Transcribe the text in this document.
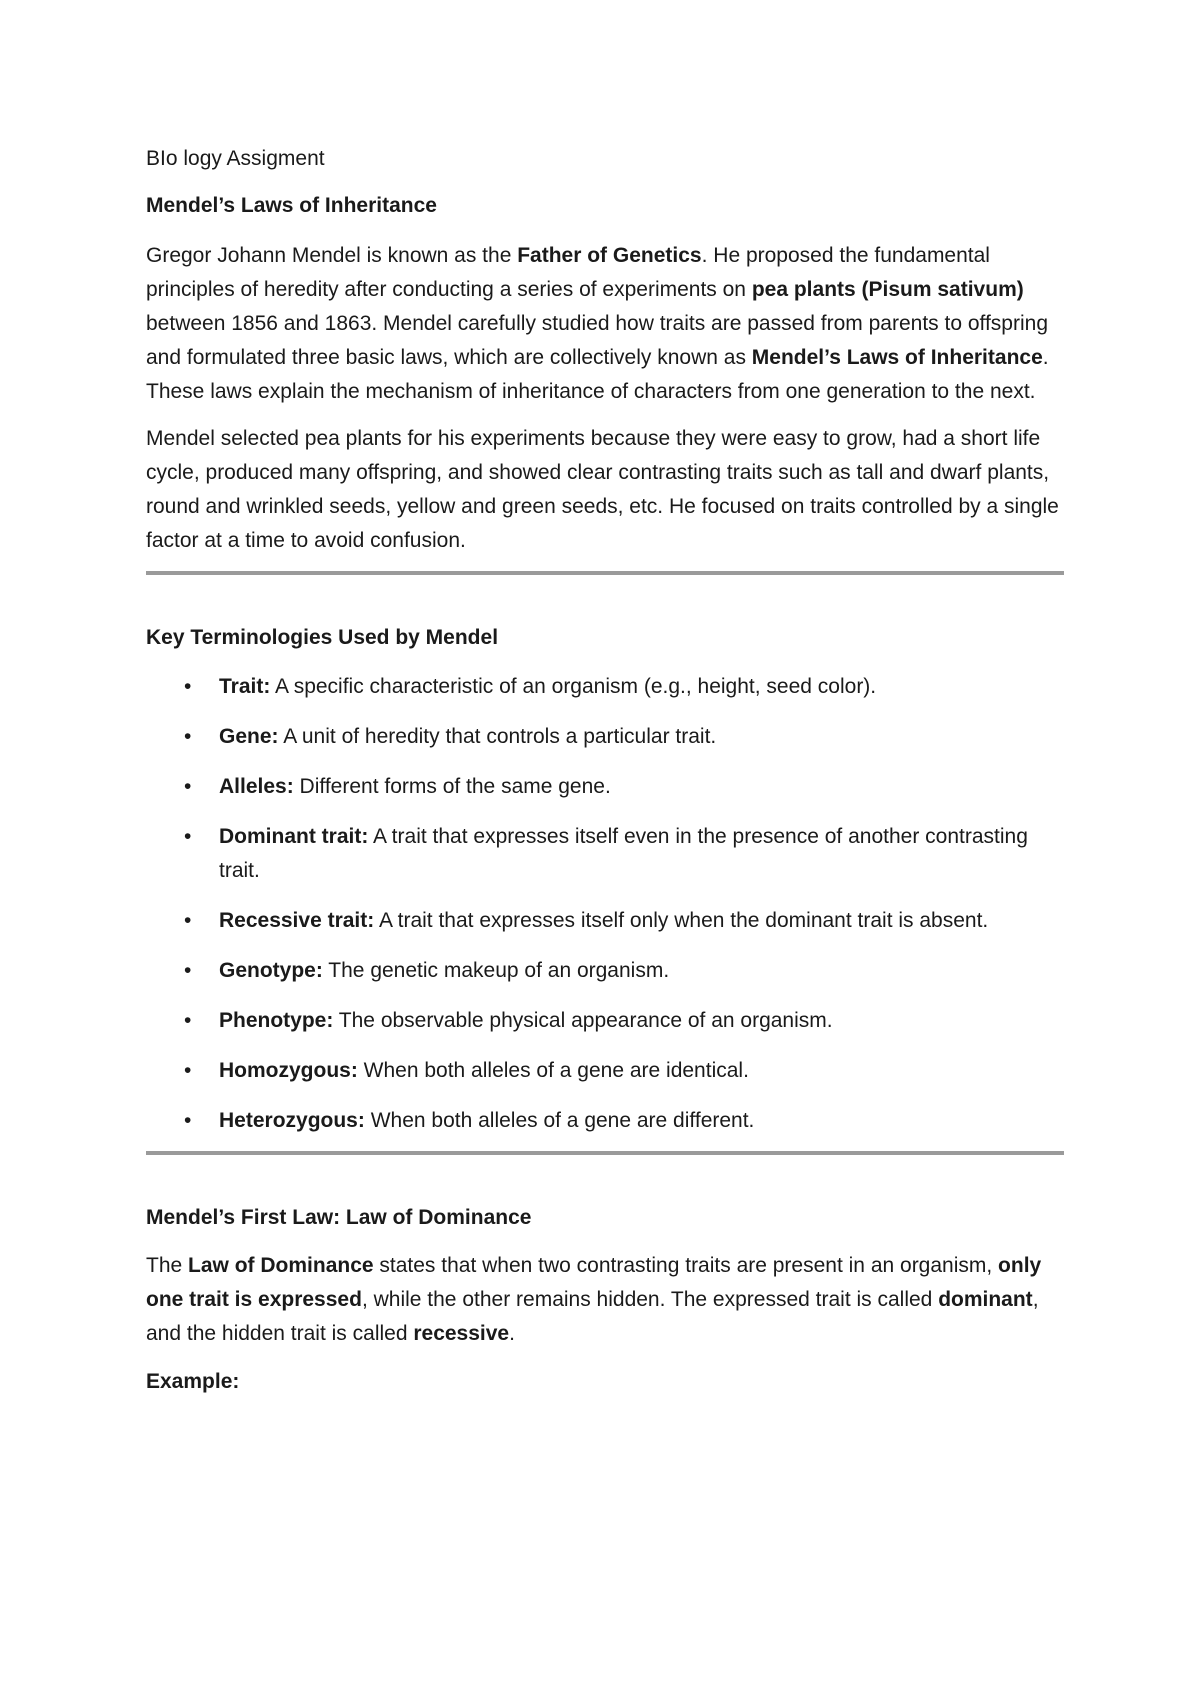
BIo logy Assigment

Mendel’s Laws of Inheritance

Gregor Johann Mendel is known as the Father of Genetics. He proposed the fundamental principles of heredity after conducting a series of experiments on pea plants (Pisum sativum) between 1856 and 1863. Mendel carefully studied how traits are passed from parents to offspring and formulated three basic laws, which are collectively known as Mendel’s Laws of Inheritance. These laws explain the mechanism of inheritance of characters from one generation to the next.

Mendel selected pea plants for his experiments because they were easy to grow, had a short life cycle, produced many offspring, and showed clear contrasting traits such as tall and dwarf plants, round and wrinkled seeds, yellow and green seeds, etc. He focused on traits controlled by a single factor at a time to avoid confusion.

Key Terminologies Used by Mendel

• Trait: A specific characteristic of an organism (e.g., height, seed color).
• Gene: A unit of heredity that controls a particular trait.
• Alleles: Different forms of the same gene.
• Dominant trait: A trait that expresses itself even in the presence of another contrasting trait.
• Recessive trait: A trait that expresses itself only when the dominant trait is absent.
• Genotype: The genetic makeup of an organism.
• Phenotype: The observable physical appearance of an organism.
• Homozygous: When both alleles of a gene are identical.
• Heterozygous: When both alleles of a gene are different.

Mendel’s First Law: Law of Dominance

The Law of Dominance states that when two contrasting traits are present in an organism, only one trait is expressed, while the other remains hidden. The expressed trait is called dominant, and the hidden trait is called recessive.

Example:
